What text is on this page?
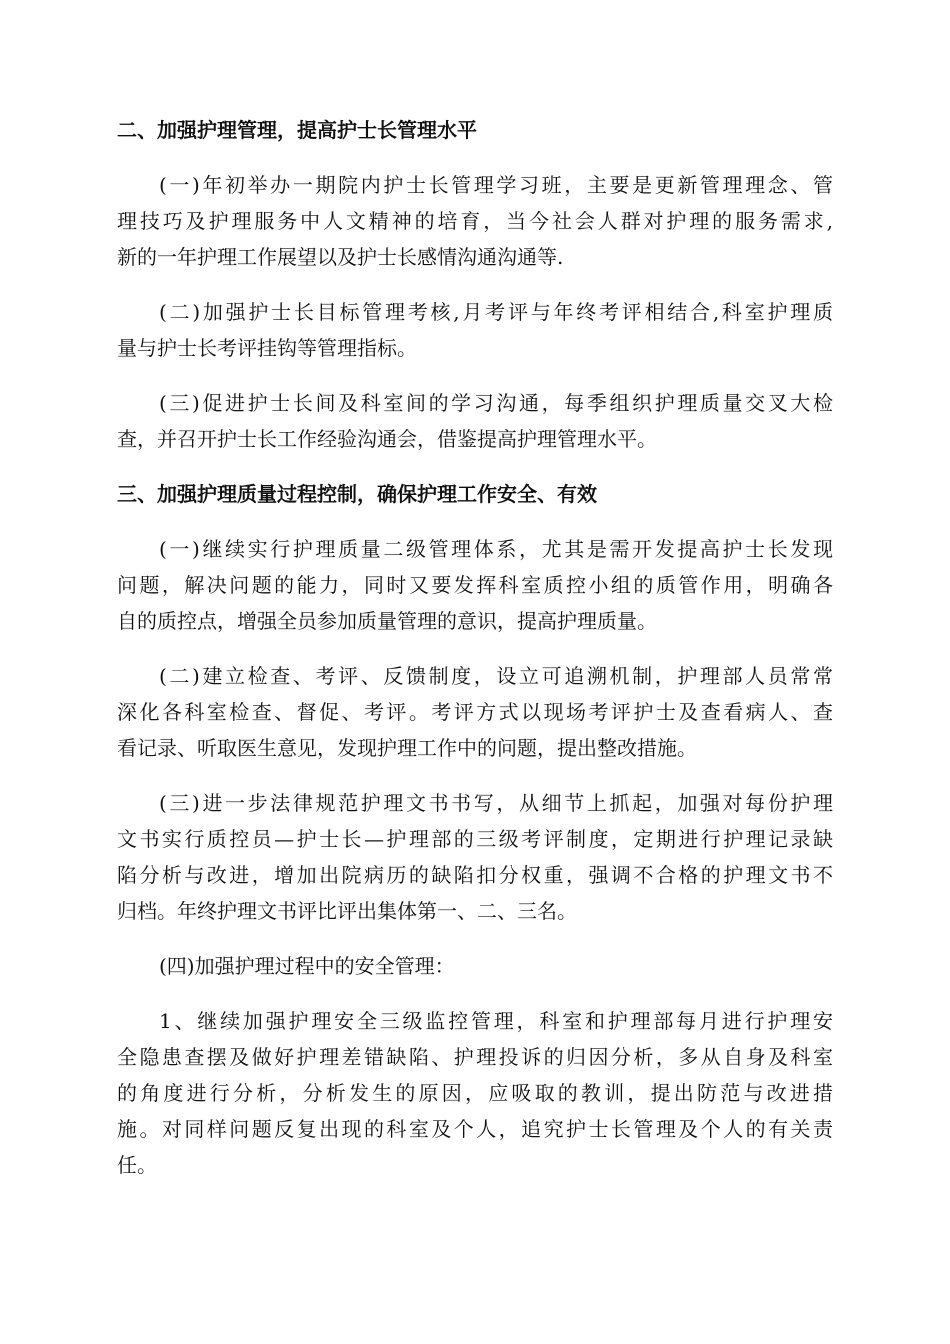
二、加强护理管理，提高护士长管理水平

(一)年初举办一期院内护士长管理学习班，主要是更新管理理念、管
理技巧及护理服务中人文精神的培育，当今社会人群对护理的服务需求,
新的一年护理工作展望以及护士长感情沟通沟通等.

(二)加强护士长目标管理考核,月考评与年终考评相结合,科室护理质
量与护士长考评挂钩等管理指标。

(三)促进护士长间及科室间的学习沟通，每季组织护理质量交叉大检
查，并召开护士长工作经验沟通会，借鉴提高护理管理水平。

三、加强护理质量过程控制，确保护理工作安全、有效

(一)继续实行护理质量二级管理体系，尤其是需开发提高护士长发现
问题，解决问题的能力，同时又要发挥科室质控小组的质管作用，明确各
自的质控点，增强全员参加质量管理的意识，提高护理质量。

(二)建立检查、考评、反馈制度，设立可追溯机制，护理部人员常常
深化各科室检查、督促、考评。考评方式以现场考评护士及查看病人、查
看记录、听取医生意见，发现护理工作中的问题，提出整改措施。

(三)进一步法律规范护理文书书写，从细节上抓起，加强对每份护理
文书实行质控员—护士长—护理部的三级考评制度，定期进行护理记录缺
陷分析与改进，增加出院病历的缺陷扣分权重，强调不合格的护理文书不
归档。年终护理文书评比评出集体第一、二、三名。

(四)加强护理过程中的安全管理：

1、继续加强护理安全三级监控管理，科室和护理部每月进行护理安
全隐患查摆及做好护理差错缺陷、护理投诉的归因分析，多从自身及科室
的角度进行分析，分析发生的原因，应吸取的教训，提出防范与改进措
施。对同样问题反复出现的科室及个人，追究护士长管理及个人的有关责
任。
